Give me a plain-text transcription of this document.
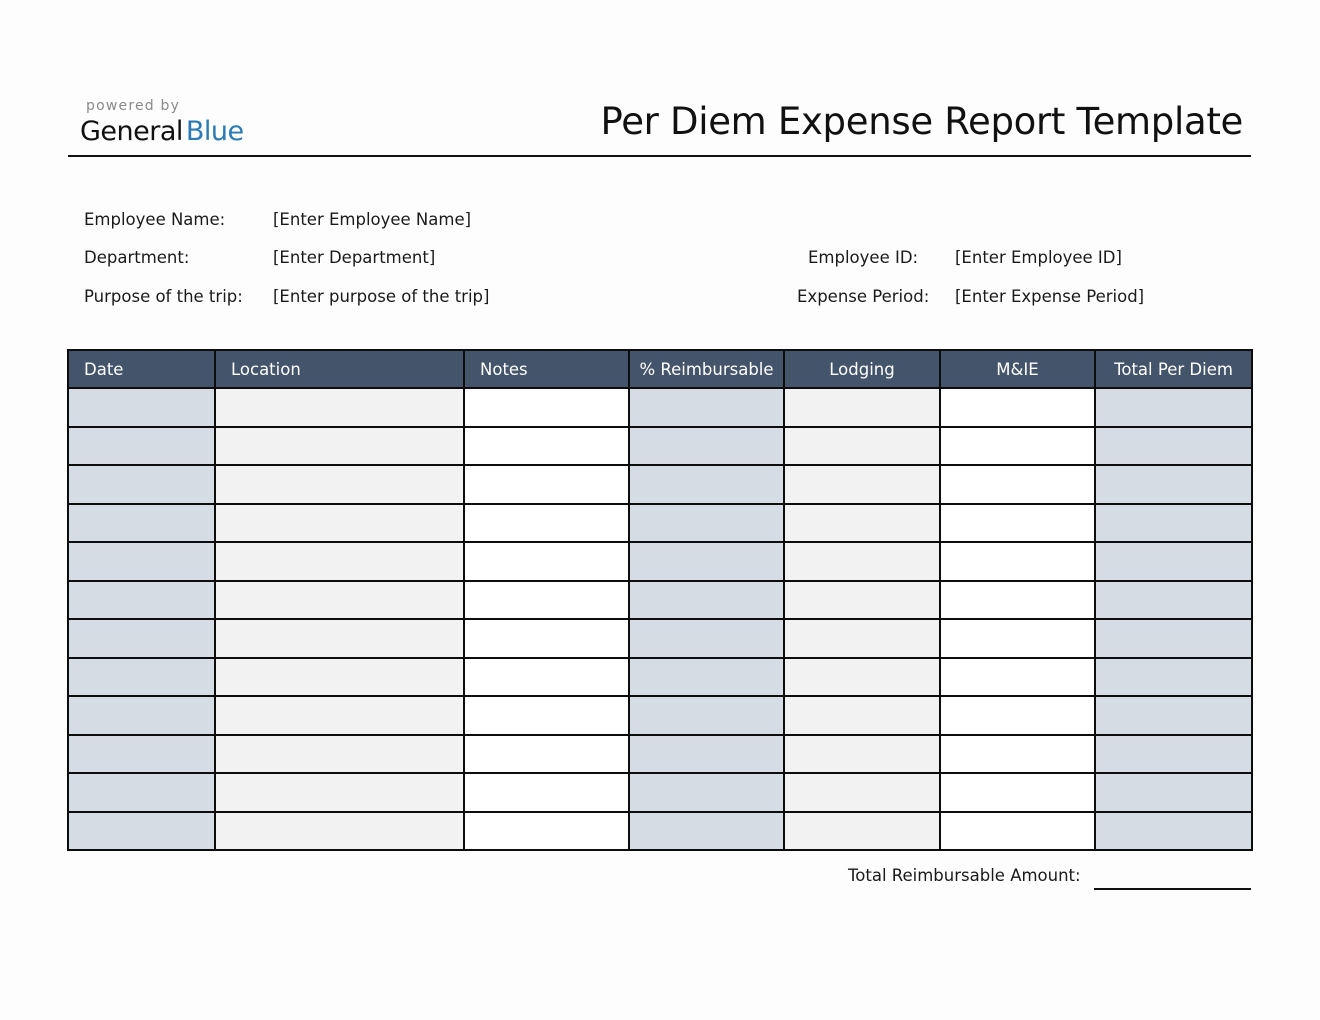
powered by
General Blue	Per Diem Expense Report Template
Employee Name:	[Enter Employee Name]
Department:	[Enter Department]
Purpose of the trip: [Enter purpose of the trip]
Employee ID: [Enter Employee ID]
Expense Period: [Enter Expense Period]
Date	Location	Notes	% Reimbursable	Lodging	M&IE	Total Per Diem

Total Reimbursable Amount:
